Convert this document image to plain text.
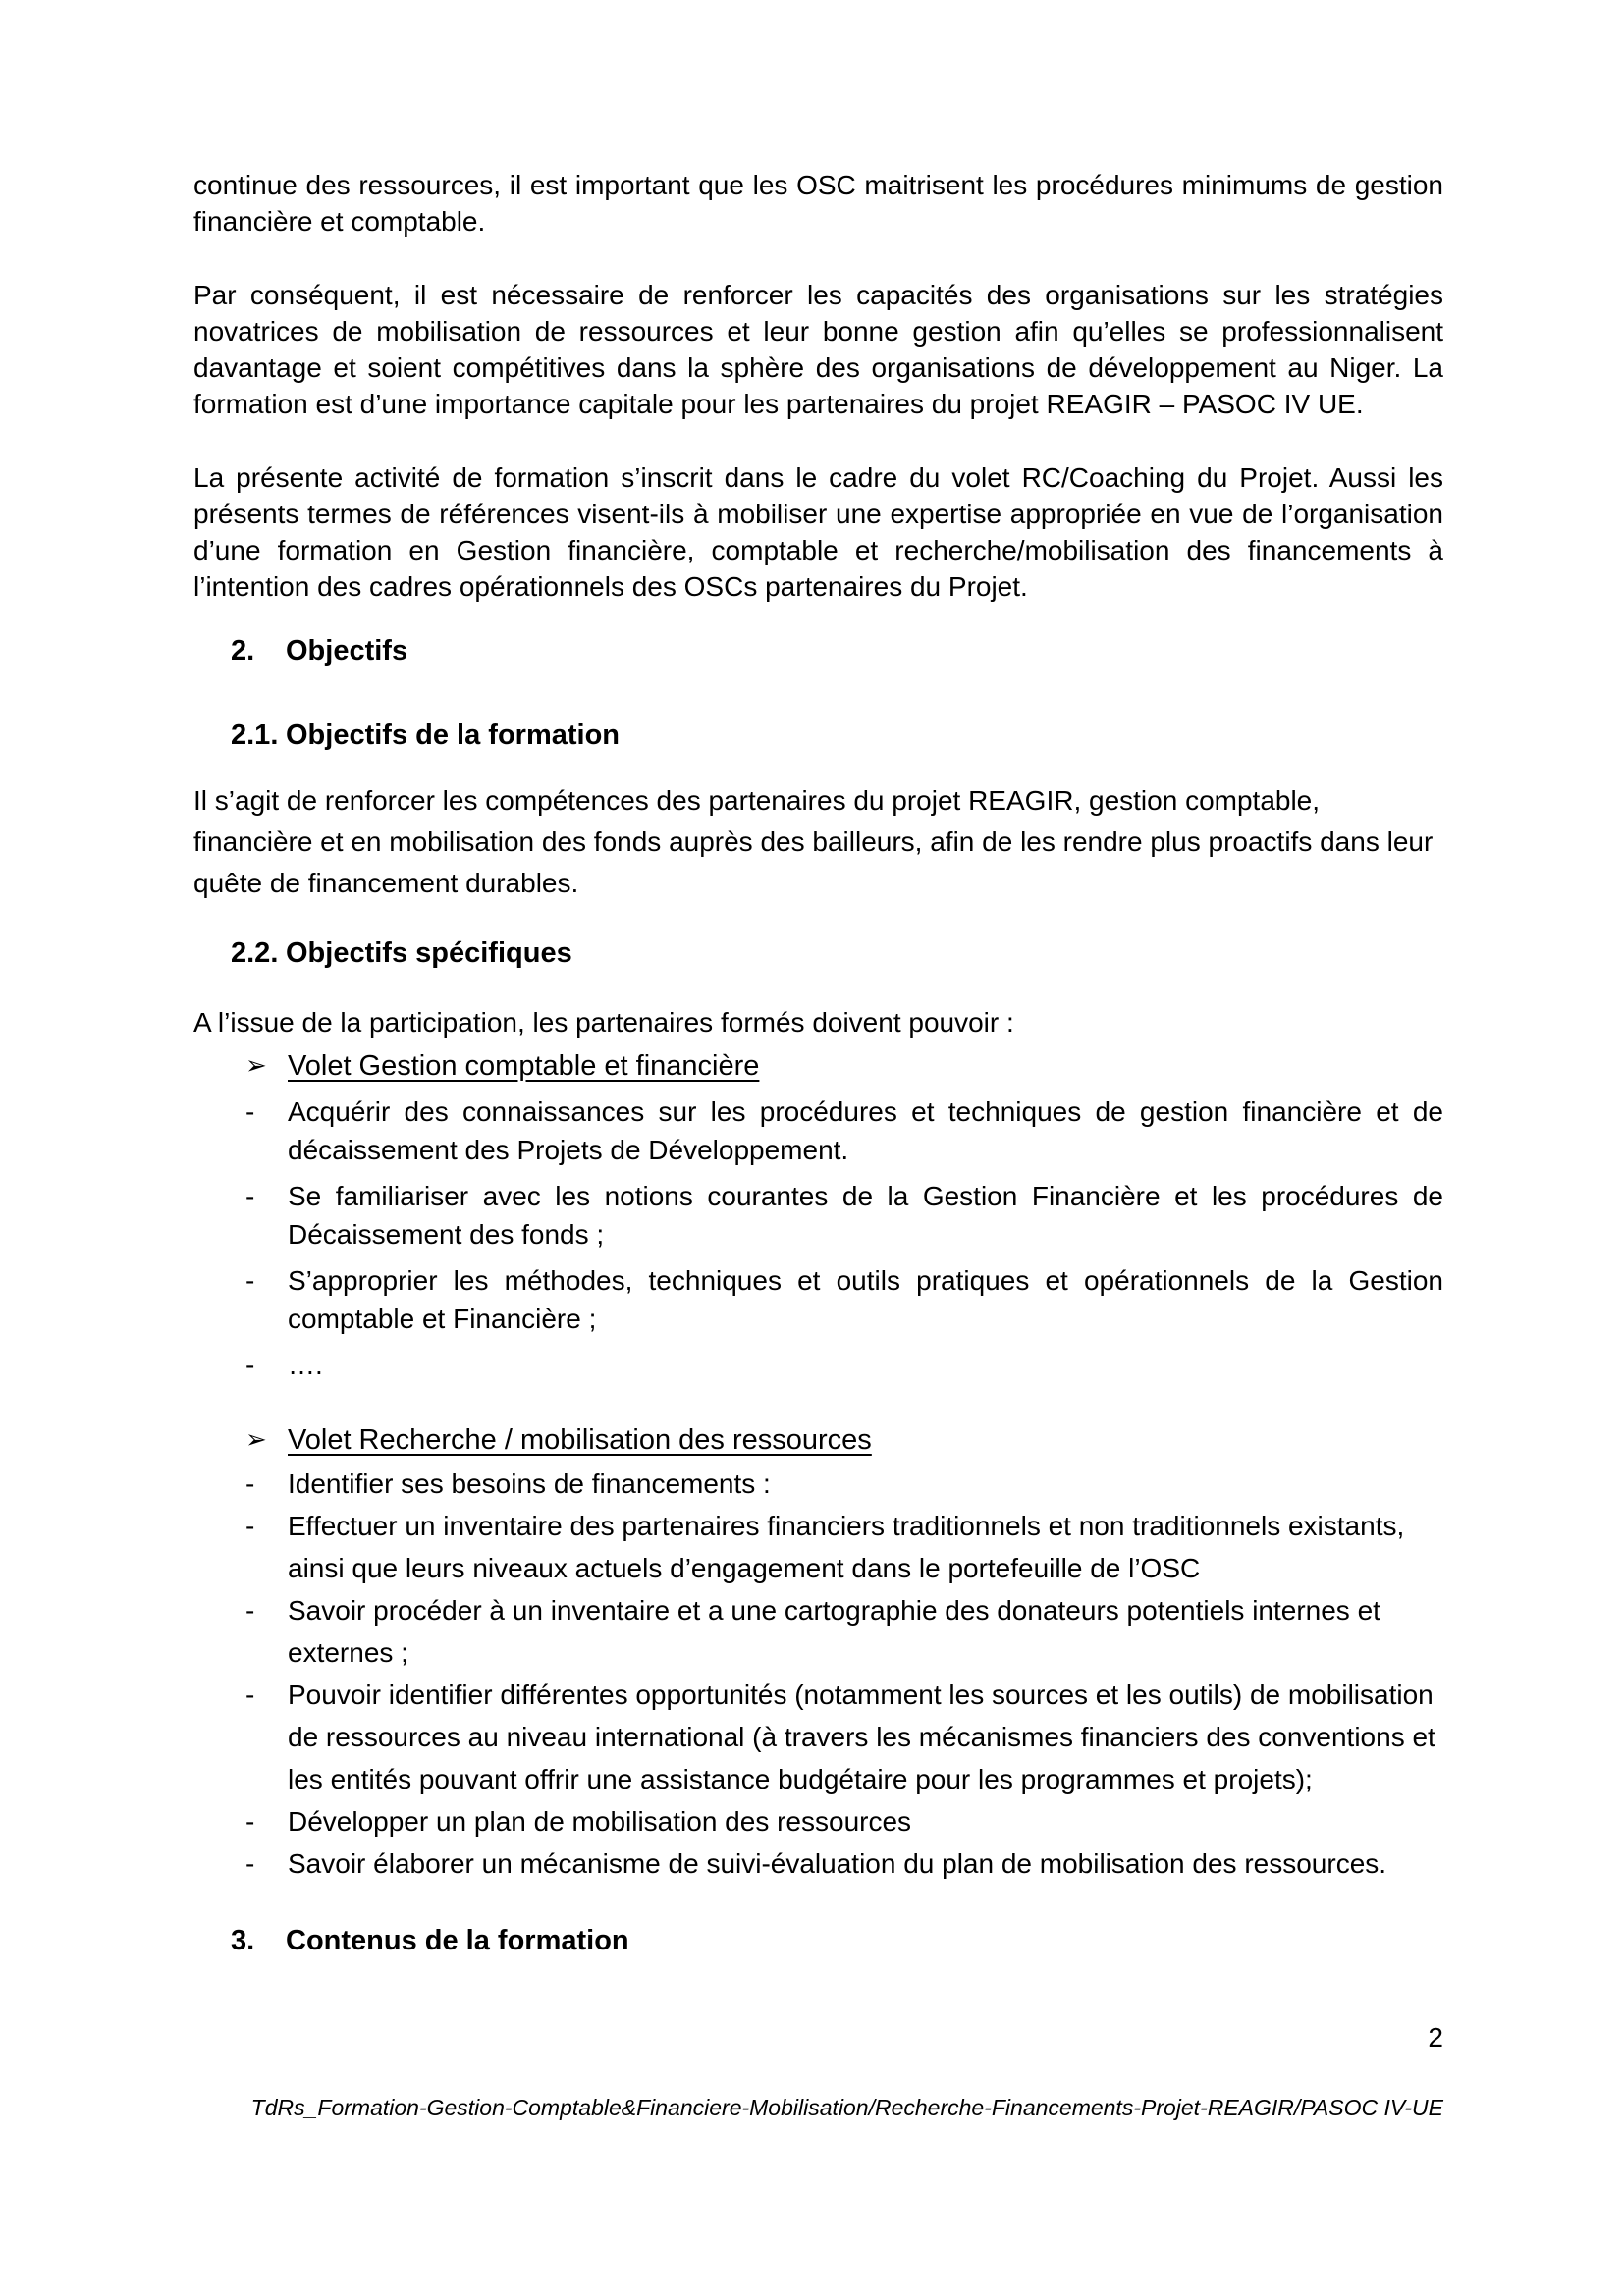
continue des ressources, il est important que les OSC maitrisent les procédures minimums de gestion financière et comptable.

Par conséquent, il est nécessaire de renforcer les capacités des organisations sur les stratégies novatrices de mobilisation de ressources et leur bonne gestion afin qu’elles se professionnalisent davantage et soient compétitives dans la sphère des organisations de développement au Niger. La formation est d’une importance capitale pour les partenaires du projet REAGIR – PASOC IV UE.

La présente activité de formation s’inscrit dans le cadre du volet RC/Coaching du Projet. Aussi les présents termes de références visent-ils à mobiliser une expertise appropriée en vue de l’organisation d’une formation en Gestion financière, comptable et recherche/mobilisation des financements à l’intention des cadres opérationnels des OSCs partenaires du Projet.

2. Objectifs
2.1. Objectifs de la formation

Il s’agit de renforcer les compétences des partenaires du projet REAGIR, gestion comptable, financière et en mobilisation des fonds auprès des bailleurs, afin de les rendre plus proactifs dans leur quête de financement durables.

2.2. Objectifs spécifiques

A l’issue de la participation, les partenaires formés doivent pouvoir :

➢ Volet Gestion comptable et financière
- Acquérir des connaissances sur les procédures et techniques de gestion financière et de décaissement des Projets de Développement.
- Se familiariser avec les notions courantes de la Gestion Financière et les procédures de Décaissement des fonds ;
- S’approprier les méthodes, techniques et outils pratiques et opérationnels de la Gestion comptable et Financière ;
- ….
➢ Volet Recherche / mobilisation des ressources
- Identifier ses besoins de financements :
- Effectuer un inventaire des partenaires financiers traditionnels et non traditionnels existants, ainsi que leurs niveaux actuels d’engagement dans le portefeuille de l’OSC
- Savoir procéder à un inventaire et a une cartographie des donateurs potentiels internes et externes ;
- Pouvoir identifier différentes opportunités (notamment les sources et les outils) de mobilisation de ressources au niveau international (à travers les mécanismes financiers des conventions et les entités pouvant offrir une assistance budgétaire pour les programmes et projets);
- Développer un plan de mobilisation des ressources
- Savoir élaborer un mécanisme de suivi-évaluation du plan de mobilisation des ressources.
3. Contenus de la formation
2
TdRs_Formation-Gestion-Comptable&Financiere-Mobilisation/Recherche-Financements-Projet-REAGIR/PASOC IV-UE
